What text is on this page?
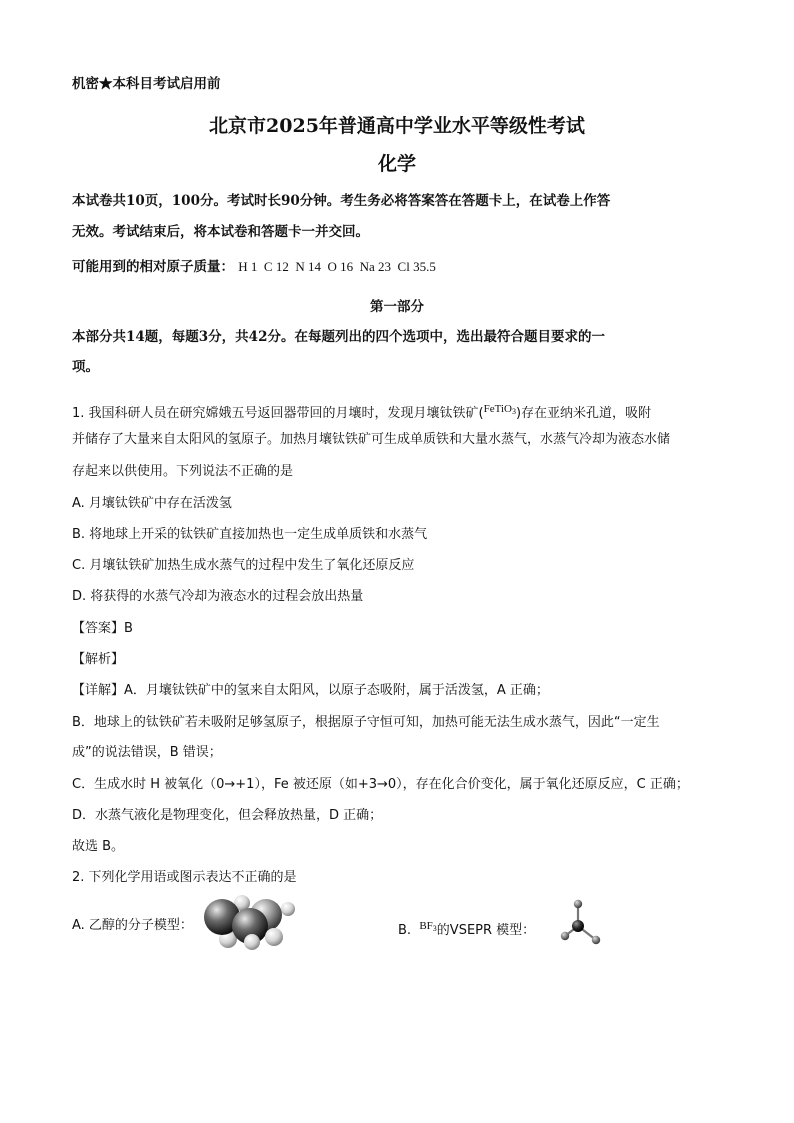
机密★本科目考试启用前
北京市2025年普通高中学业水平等级性考试
化学
本试卷共10页，100分。考试时长90分钟。考生务必将答案答在答题卡上，在试卷上作答
无效。考试结束后，将本试卷和答题卡一并交回。
可能用到的相对原子质量： H 1  C 12  N 14  O 16  Na 23  Cl 35.5
第一部分
本部分共14题，每题3分，共42分。在每题列出的四个选项中，选出最符合题目要求的一
项。
1. 我国科研人员在研究嫦娥五号返回器带回的月壤时，发现月壤钛铁矿($^{FeTiO_3}$)存在亚纳米孔道，吸附
并储存了大量来自太阳风的氢原子。加热月壤钛铁矿可生成单质铁和大量水蒸气，水蒸气冷却为液态水储
存起来以供使用。下列说法不正确的是
A. 月壤钛铁矿中存在活泼氢
B. 将地球上开采的钛铁矿直接加热也一定生成单质铁和水蒸气
C. 月壤钛铁矿加热生成水蒸气的过程中发生了氧化还原反应
D. 将获得的水蒸气冷却为液态水的过程会放出热量
【答案】B
【解析】
【详解】A．月壤钛铁矿中的氢来自太阳风，以原子态吸附，属于活泼氢，A 正确；
B．地球上的钛铁矿若未吸附足够氢原子，根据原子守恒可知，加热可能无法生成水蒸气，因此“一定生
成”的说法错误，B 错误；
C．生成水时 H 被氧化（0→+1），Fe 被还原（如+3→0），存在化合价变化，属于氧化还原反应，C 正确；
D．水蒸气液化是物理变化，但会释放热量，D 正确；
故选 B。
2. 下列化学用语或图示表达不正确的是
A. 乙醇的分子模型：	B.  $^{BF_3}$的VSEPR 模型：
